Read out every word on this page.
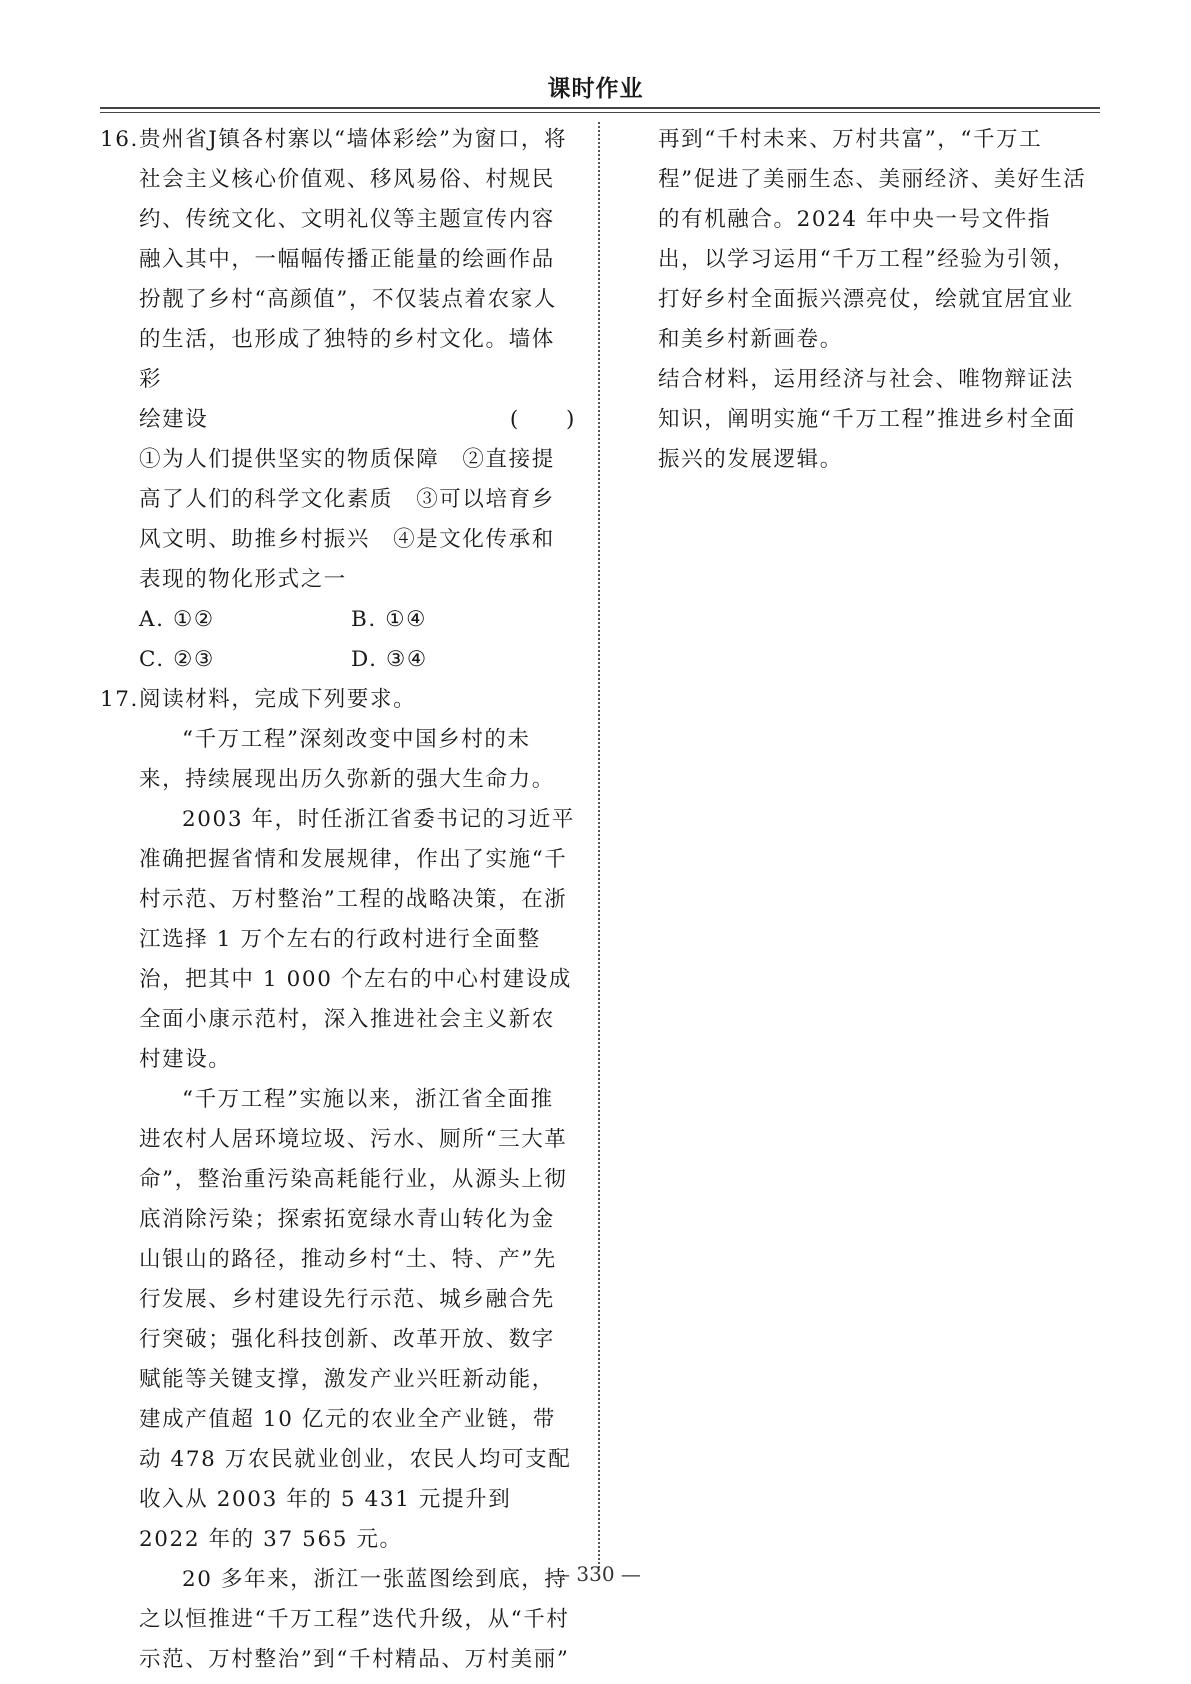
课时作业
16. 贵州省J镇各村寨以“墙体彩绘”为窗口，将社会主义核心价值观、移风易俗、村规民约、传统文化、文明礼仪等主题宣传内容融入其中，一幅幅传播正能量的绘画作品扮靓了乡村“高颜值”，不仅装点着农家人的生活，也形成了独特的乡村文化。墙体彩
绘建设	(　　)
①为人们提供坚实的物质保障　②直接提高了人们的科学文化素质　③可以培育乡风文明、助推乡村振兴　④是文化传承和表现的物化形式之一
A. ①②	B. ①④
C. ②③	D. ③④
17. 阅读材料，完成下列要求。

“千万工程”深刻改变中国乡村的未来，持续展现出历久弥新的强大生命力。

2003 年，时任浙江省委书记的习近平准确把握省情和发展规律，作出了实施“千村示范、万村整治”工程的战略决策，在浙江选择 1 万个左右的行政村进行全面整治，把其中 1 000 个左右的中心村建设成全面小康示范村，深入推进社会主义新农村建设。

“千万工程”实施以来，浙江省全面推进农村人居环境垃圾、污水、厕所“三大革命”，整治重污染高耗能行业，从源头上彻底消除污染；探索拓宽绿水青山转化为金山银山的路径，推动乡村“土、特、产”先行发展、乡村建设先行示范、城乡融合先行突破；强化科技创新、改革开放、数字赋能等关键支撑，激发产业兴旺新动能，建成产值超 10 亿元的农业全产业链，带动 478 万农民就业创业，农民人均可支配收入从 2003 年的 5 431 元提升到 2022 年的 37 565 元。

20 多年来，浙江一张蓝图绘到底，持之以恒推进“千万工程”迭代升级，从“千村示范、万村整治”到“千村精品、万村美丽”

再到“千村未来、万村共富”，“千万工程”促进了美丽生态、美丽经济、美好生活的有机融合。2024 年中央一号文件指出，以学习运用“千万工程”经验为引领，打好乡村全面振兴漂亮仗，绘就宜居宜业和美乡村新画卷。
结合材料，运用经济与社会、唯物辩证法知识，阐明实施“千万工程”推进乡村全面振兴的发展逻辑。
— 330 —
